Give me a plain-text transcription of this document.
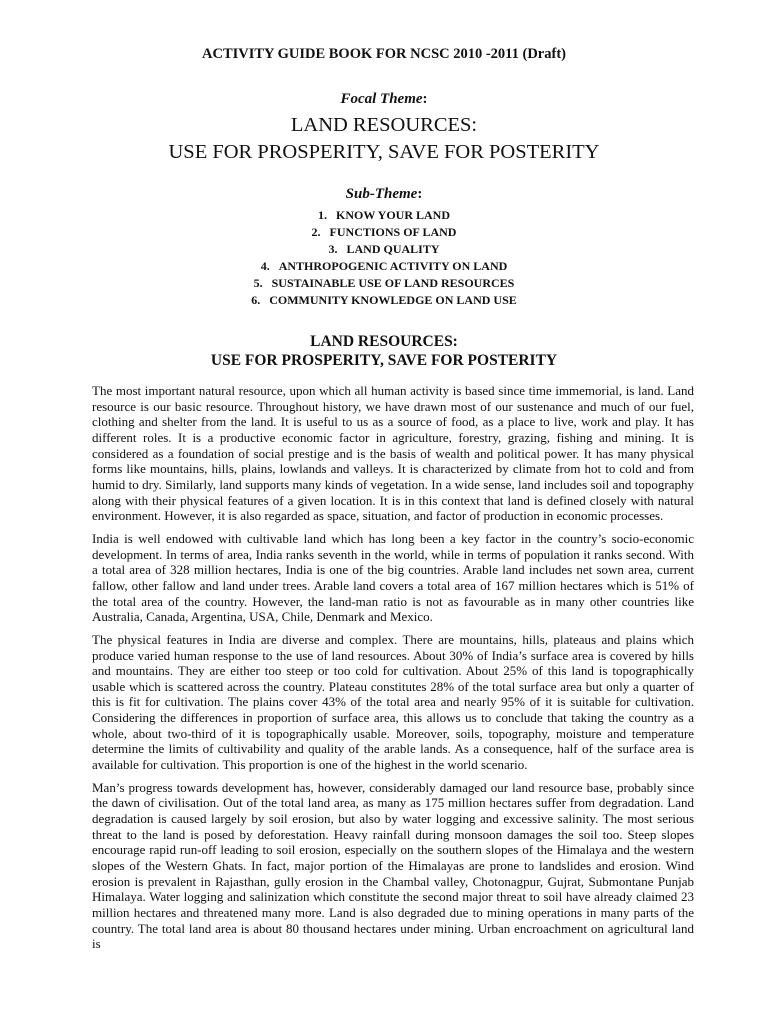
ACTIVITY GUIDE BOOK FOR NCSC 2010 -2011 (Draft)
Focal Theme:
LAND RESOURCES:
USE FOR PROSPERITY, SAVE FOR POSTERITY
Sub-Theme:
1. KNOW YOUR LAND
2. FUNCTIONS OF LAND
3. LAND QUALITY
4. ANTHROPOGENIC ACTIVITY ON LAND
5. SUSTAINABLE USE OF LAND RESOURCES
6. COMMUNITY KNOWLEDGE ON LAND USE
LAND RESOURCES:
USE FOR PROSPERITY, SAVE FOR POSTERITY

The most important natural resource, upon which all human activity is based since time immemorial, is land. Land resource is our basic resource. Throughout history, we have drawn most of our sustenance and much of our fuel, clothing and shelter from the land. It is useful to us as a source of food, as a place to live, work and play. It has different roles. It is a productive economic factor in agriculture, forestry, grazing, fishing and mining. It is considered as a foundation of social prestige and is the basis of wealth and political power. It has many physical forms like mountains, hills, plains, lowlands and valleys. It is characterized by climate from hot to cold and from humid to dry. Similarly, land supports many kinds of vegetation. In a wide sense, land includes soil and topography along with their physical features of a given location. It is in this context that land is defined closely with natural environment. However, it is also regarded as space, situation, and factor of production in economic processes.

India is well endowed with cultivable land which has long been a key factor in the country’s socio-economic development. In terms of area, India ranks seventh in the world, while in terms of population it ranks second. With a total area of 328 million hectares, India is one of the big countries. Arable land includes net sown area, current fallow, other fallow and land under trees. Arable land covers a total area of 167 million hectares which is 51% of the total area of the country. However, the land-man ratio is not as favourable as in many other countries like Australia, Canada, Argentina, USA, Chile, Denmark and Mexico.

The physical features in India are diverse and complex. There are mountains, hills, plateaus and plains which produce varied human response to the use of land resources. About 30% of India’s surface area is covered by hills and mountains. They are either too steep or too cold for cultivation. About 25% of this land is topographically usable which is scattered across the country. Plateau constitutes 28% of the total surface area but only a quarter of this is fit for cultivation. The plains cover 43% of the total area and nearly 95% of it is suitable for cultivation. Considering the differences in proportion of surface area, this allows us to conclude that taking the country as a whole, about two-third of it is topographically usable. Moreover, soils, topography, moisture and temperature determine the limits of cultivability and quality of the arable lands. As a consequence, half of the surface area is available for cultivation. This proportion is one of the highest in the world scenario.

Man’s progress towards development has, however, considerably damaged our land resource base, probably since the dawn of civilisation. Out of the total land area, as many as 175 million hectares suffer from degradation. Land degradation is caused largely by soil erosion, but also by water logging and excessive salinity. The most serious threat to the land is posed by deforestation. Heavy rainfall during monsoon damages the soil too. Steep slopes encourage rapid run-off leading to soil erosion, especially on the southern slopes of the Himalaya and the western slopes of the Western Ghats. In fact, major portion of the Himalayas are prone to landslides and erosion. Wind erosion is prevalent in Rajasthan, gully erosion in the Chambal valley, Chotonagpur, Gujrat, Submontane Punjab Himalaya. Water logging and salinization which constitute the second major threat to soil have already claimed 23 million hectares and threatened many more. Land is also degraded due to mining operations in many parts of the country. The total land area is about 80 thousand hectares under mining. Urban encroachment on agricultural land is
